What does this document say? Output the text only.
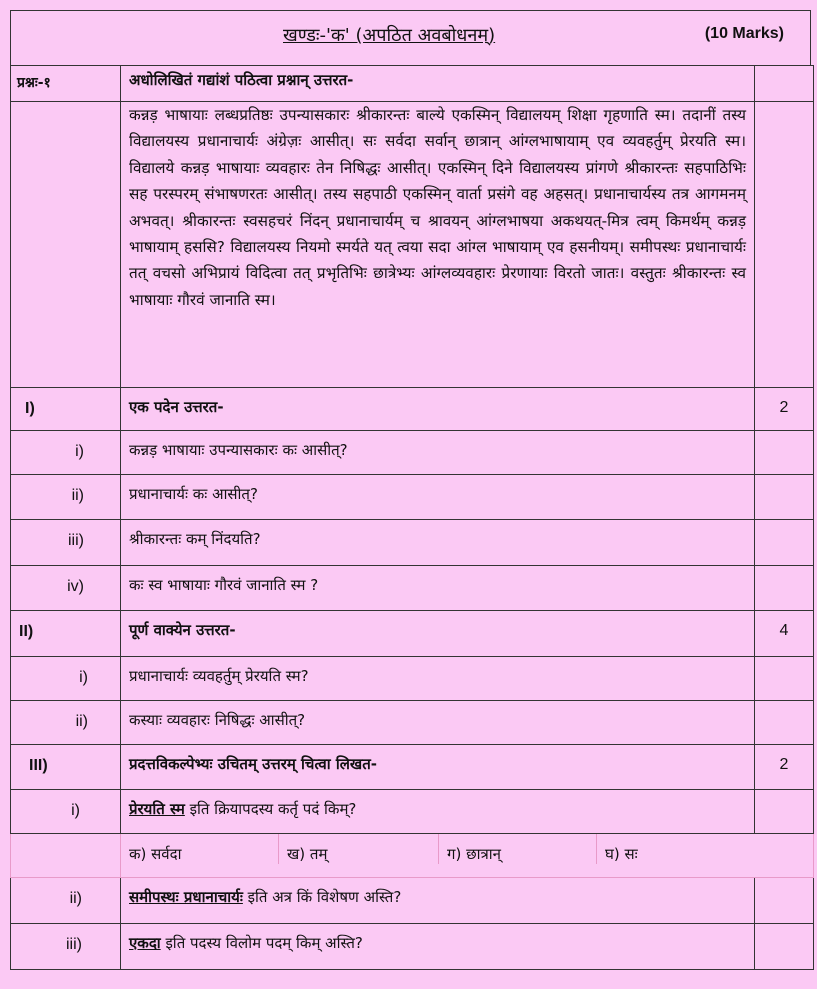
खण्डः-'क' (अपठित अवबोधनम्)	(10 Marks)
प्रश्नः-१	अधोलिखितं गद्यांशं पठित्वा प्रश्नान् उत्तरत-	

	कन्नड़ भाषायाः लब्धप्रतिष्ठः उपन्यासकारः श्रीकारन्तः बाल्ये एकस्मिन् विद्यालयम् शिक्षा गृहणाति स्म। तदानीं तस्य विद्यालयस्य प्रधानाचार्यः अंग्रेज़ः आसीत्। सः सर्वदा सर्वान् छात्रान् आंग्लभाषायाम् एव व्यवहर्तुम् प्रेरयति स्म। विद्यालये कन्नड़ भाषायाः व्यवहारः तेन निषिद्धः आसीत्। एकस्मिन् दिने विद्यालयस्य प्रांगणे श्रीकारन्तः सहपाठिभिः सह परस्परम् संभाषणरतः आसीत्। तस्य सहपाठी एकस्मिन् वार्ता प्रसंगे वह अहसत्। प्रधानाचार्यस्य तत्र आगमनम् अभवत्। श्रीकारन्तः स्वसहचरं निंदन् प्रधानाचार्यम् च श्रावयन् आंग्लभाषया अकथयत्-मित्र त्वम् किमर्थम् कन्नड़ भाषायाम् हससि? विद्यालयस्य नियमो स्मर्यते यत् त्वया सदा आंग्ल भाषायाम् एव हसनीयम्। समीपस्थः प्रधानाचार्यः तत् वचसो अभिप्रायं विदित्वा तत् प्रभृतिभिः छात्रेभ्यः आंग्लव्यवहारः प्रेरणायाः विरतो जातः। वस्तुतः श्रीकारन्तः स्व भाषायाः गौरवं जानाति स्म।	

I)	एक पदेन उत्तरत-	2

i)	कन्नड़ भाषायाः उपन्यासकारः कः आसीत्?	

ii)	प्रधानाचार्यः कः आसीत्?	

iii)	श्रीकारन्तः कम् निंदयति?	

iv)	कः स्व भाषायाः गौरवं जानाति स्म ?	

II)	पूर्ण वाक्येन उत्तरत-	4

i)	प्रधानाचार्यः व्यवहर्तुम् प्रेरयति स्म?	

ii)	कस्याः व्यवहारः निषिद्धः आसीत्?	

III)	प्रदत्तविकल्पेभ्यः उचितम् उत्तरम् चित्वा लिखत-	2

i)	प्रेरयति स्म इति क्रियापदस्य कर्तृ पदं किम्?	

	क) सर्वदा ख) तम् ग) छात्रान् घ) सः	

ii)	समीपस्थः प्रधानाचार्यः इति अत्र किं विशेषण अस्ति?	

iii)	एकदा इति पदस्य विलोम पदम् किम् अस्ति?	
